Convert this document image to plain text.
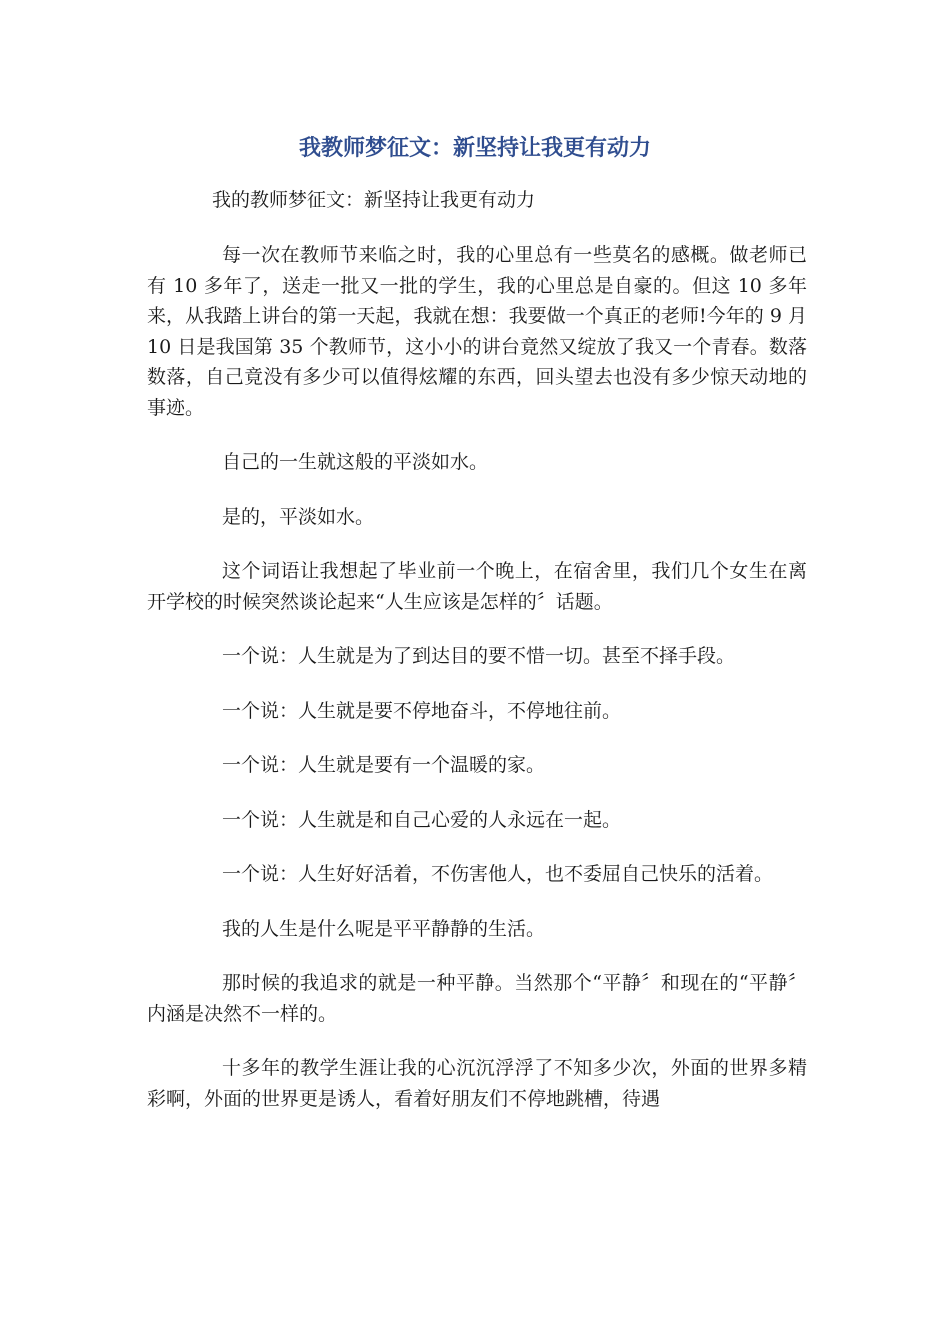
我教师梦征文：新坚持让我更有动力
我的教师梦征文：新坚持让我更有动力

每一次在教师节来临之时，我的心里总有一些莫名的感概。做老师已有 10 多年了，送走一批又一批的学生，我的心里总是自豪的。但这 10 多年来，从我踏上讲台的第一天起，我就在想：我要做一个真正的老师!今年的 9 月 10 日是我国第 35 个教师节，这小小的讲台竟然又绽放了我又一个青春。数落数落，自己竟没有多少可以值得炫耀的东西，回头望去也没有多少惊天动地的事迹。

自己的一生就这般的平淡如水。

是的，平淡如水。

这个词语让我想起了毕业前一个晚上，在宿舍里，我们几个女生在离开学校的时候突然谈论起来“人生应该是怎样的〞话题。

一个说：人生就是为了到达目的要不惜一切。甚至不择手段。

一个说：人生就是要不停地奋斗，不停地往前。

一个说：人生就是要有一个温暖的家。

一个说：人生就是和自己心爱的人永远在一起。

一个说：人生好好活着，不伤害他人，也不委屈自己快乐的活着。

我的人生是什么呢是平平静静的生活。

那时候的我追求的就是一种平静。当然那个“平静〞和现在的“平静〞内涵是决然不一样的。

十多年的教学生涯让我的心沉沉浮浮了不知多少次，外面的世界多精彩啊，外面的世界更是诱人，看着好朋友们不停地跳槽，待遇
